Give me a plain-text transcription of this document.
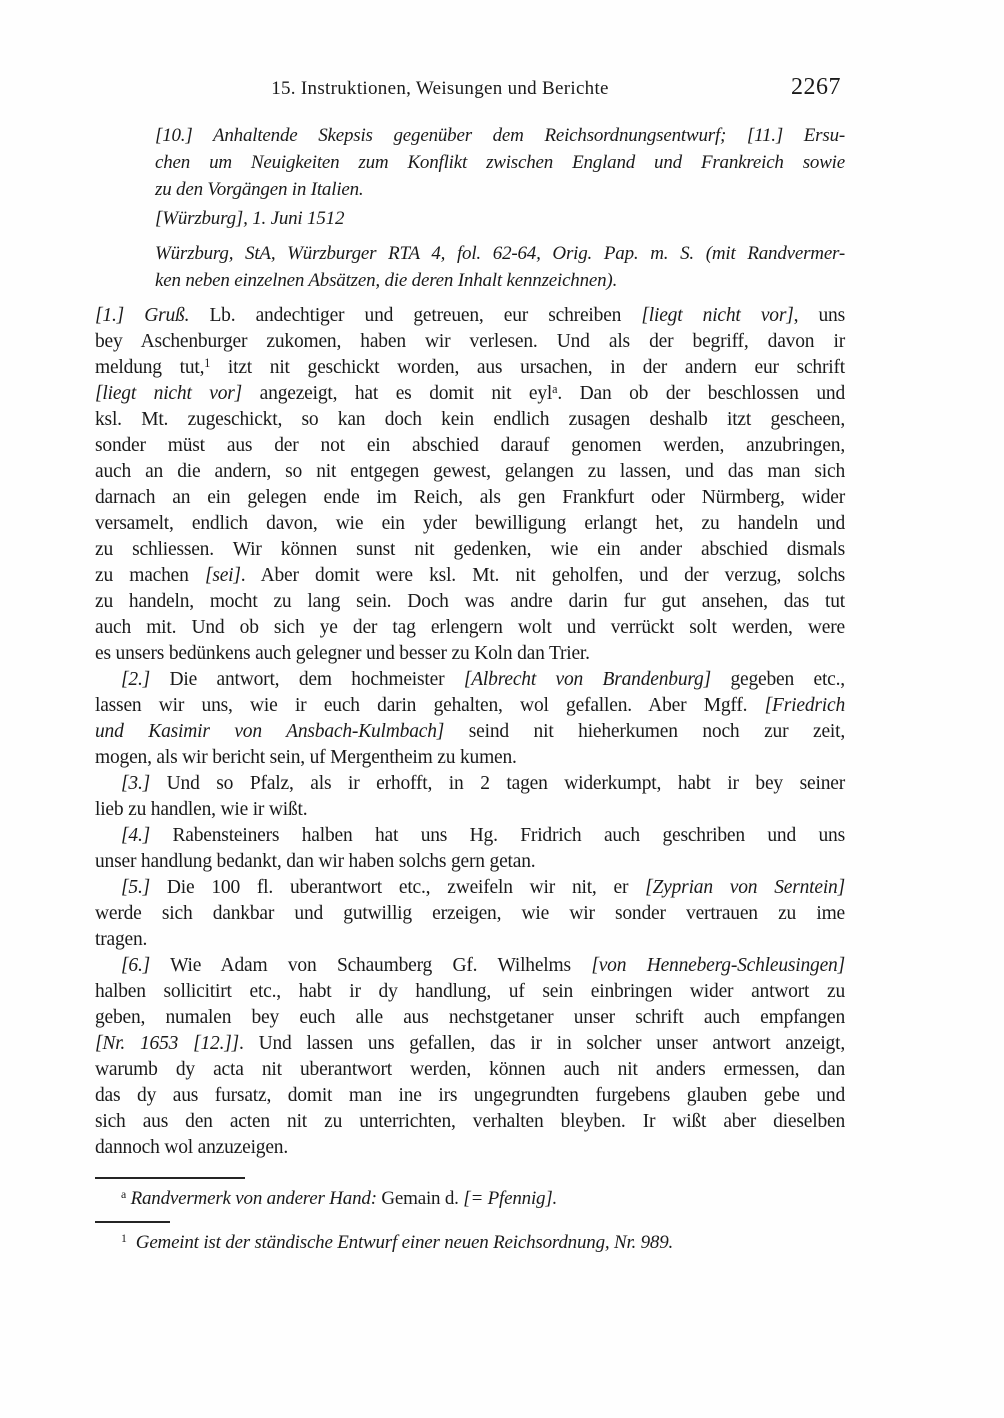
15. Instruktionen, Weisungen und Berichte	2267
[10.] Anhaltende Skepsis gegenüber dem Reichsordnungsentwurf; [11.] Ersu-
chen um Neuigkeiten zum Konflikt zwischen England und Frankreich sowie
zu den Vorgängen in Italien.
[Würzburg], 1. Juni 1512
Würzburg, StA, Würzburger RTA 4, fol. 62-64, Orig. Pap. m. S. (mit Randvermer-
ken neben einzelnen Absätzen, die deren Inhalt kennzeichnen).
[1.] Gruß. Lb. andechtiger und getreuen, eur schreiben [liegt nicht vor], uns
bey Aschenburger zukomen, haben wir verlesen. Und als der begriff, davon ir
meldung tut,$^1$ itzt nit geschickt worden, aus ursachen, in der andern eur schrift
[liegt nicht vor] angezeigt, hat es domit nit eyl$^a$. Dan ob der beschlossen und
ksl. Mt. zugeschickt, so kan doch kein endlich zusagen deshalb itzt gescheen,
sonder müst aus der not ein abschied darauf genomen werden, anzubringen,
auch an die andern, so nit entgegen gewest, gelangen zu lassen, und das man sich
darnach an ein gelegen ende im Reich, als gen Frankfurt oder Nürmberg, wider
versamelt, endlich davon, wie ein yder bewilligung erlangt het, zu handeln und
zu schliessen. Wir können sunst nit gedenken, wie ein ander abschied dismals
zu machen [sei]. Aber domit were ksl. Mt. nit geholfen, und der verzug, solchs
zu handeln, mocht zu lang sein. Doch was andre darin fur gut ansehen, das tut
auch mit. Und ob sich ye der tag erlengern wolt und verrückt solt werden, were
es unsers bedünkens auch gelegner und besser zu Koln dan Trier.
[2.] Die antwort, dem hochmeister [Albrecht von Brandenburg] gegeben etc.,
lassen wir uns, wie ir euch darin gehalten, wol gefallen. Aber Mgff. [Friedrich
und Kasimir von Ansbach-Kulmbach] seind nit hieherkumen noch zur zeit,
mogen, als wir bericht sein, uf Mergentheim zu kumen.
[3.] Und so Pfalz, als ir erhofft, in 2 tagen widerkumpt, habt ir bey seiner
lieb zu handlen, wie ir wißt.
[4.] Rabensteiners halben hat uns Hg. Fridrich auch geschriben und uns
unser handlung bedankt, dan wir haben solchs gern getan.
[5.] Die 100 fl. uberantwort etc., zweifeln wir nit, er [Zyprian von Serntein]
werde sich dankbar und gutwillig erzeigen, wie wir sonder vertrauen zu ime
tragen.
[6.] Wie Adam von Schaumberg Gf. Wilhelms [von Henneberg-Schleusingen]
halben sollicitirt etc., habt ir dy handlung, uf sein einbringen wider antwort zu
geben, numalen bey euch alle aus nechstgetaner unser schrift auch empfangen
[Nr. 1653 [12.]]. Und lassen uns gefallen, das ir in solcher unser antwort anzeigt,
warumb dy acta nit uberantwort werden, können auch nit anders ermessen, dan
das dy aus fursatz, domit man ine irs ungegrundten furgebens glauben gebe und
sich aus den acten nit zu unterrichten, verhalten bleyben. Ir wißt aber dieselben
dannoch wol anzuzeigen.
$^a$ Randvermerk von anderer Hand: Gemain d. [= Pfennig].
$^1$ Gemeint ist der ständische Entwurf einer neuen Reichsordnung, Nr. 989.
